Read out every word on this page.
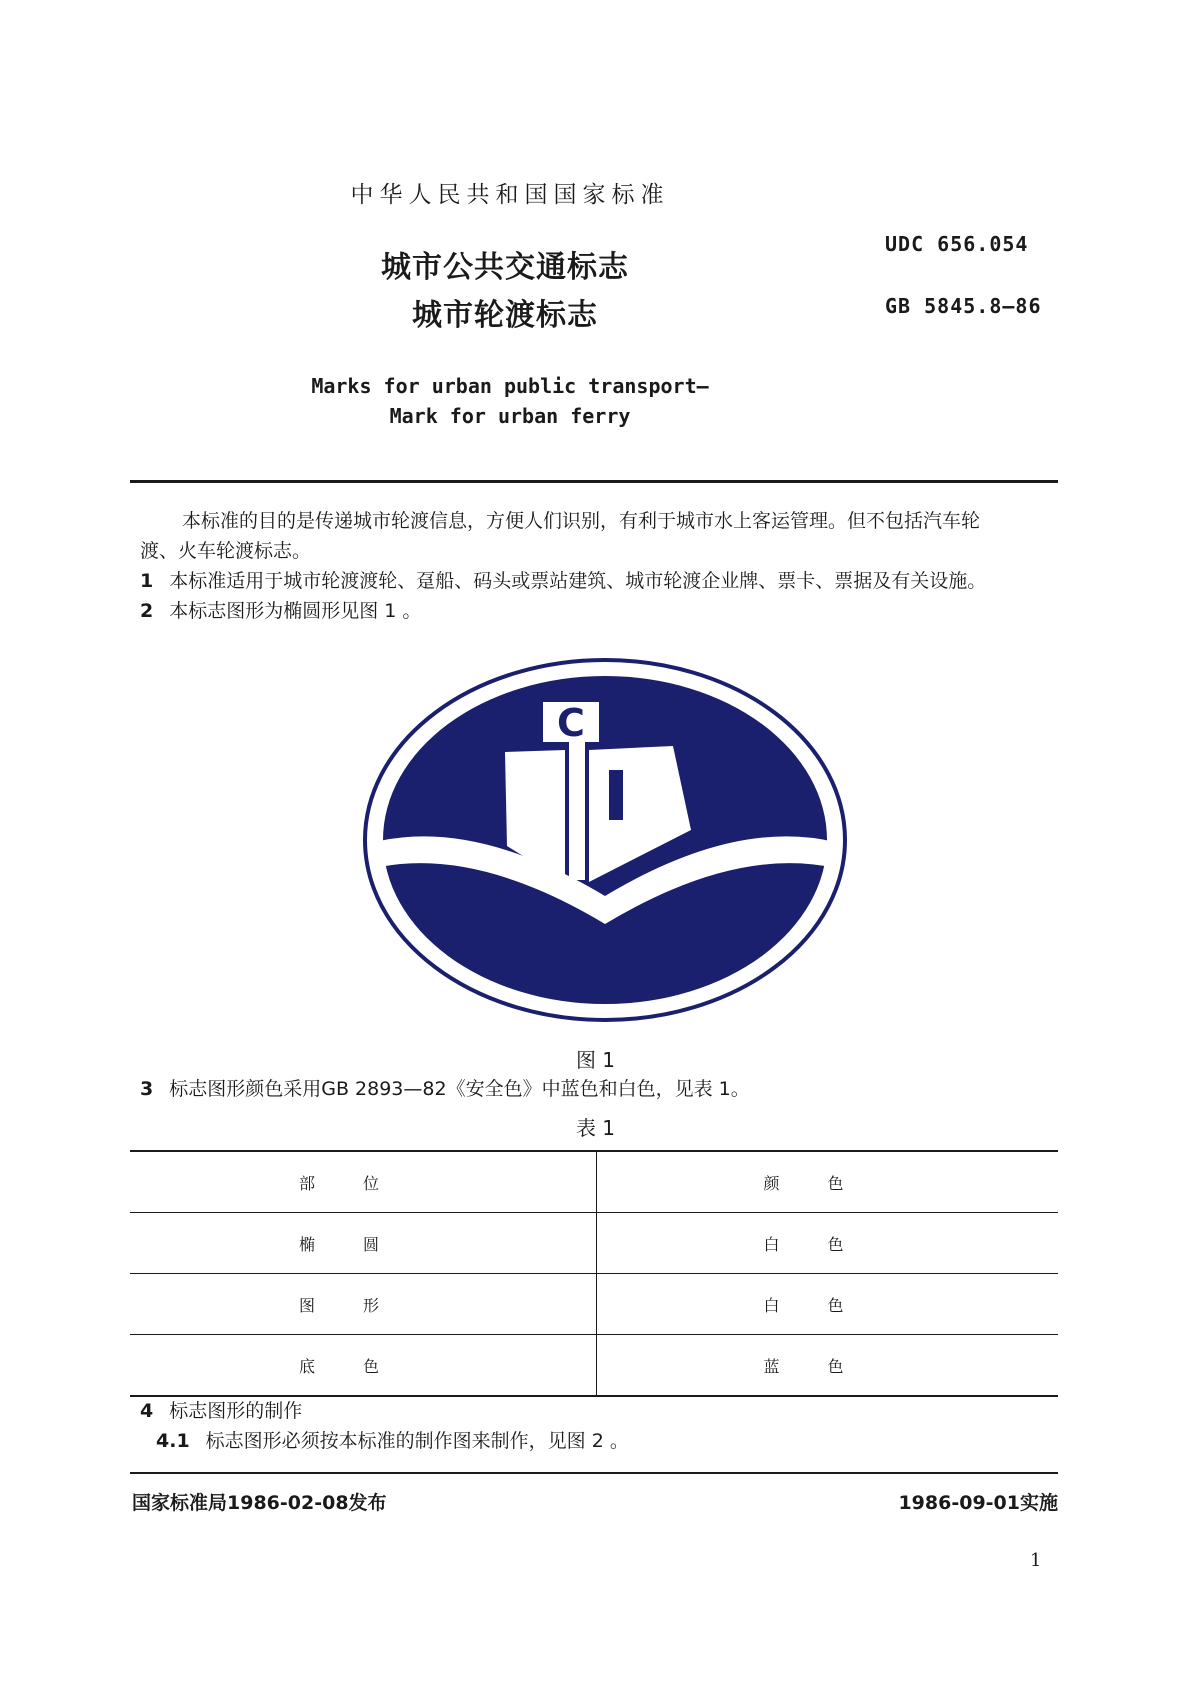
中华人民共和国国家标准
UDC 656.054
GB 5845.8—86
城市公共交通标志
城市轮渡标志
Marks for urban public transport—
Mark for urban ferry
本标准的目的是传递城市轮渡信息，方便人们识别，有利于城市水上客运管理。但不包括汽车轮
渡、火车轮渡标志。
1 本标准适用于城市轮渡渡轮、趸船、码头或票站建筑、城市轮渡企业牌、票卡、票据及有关设施。
2 本标志图形为椭圆形见图 1 。
C
图 1
3 标志图形颜色采用GB 2893—82《安全色》中蓝色和白色，见表 1。
表 1
部位	颜色
椭圆	白色
图形	白色
底色	蓝色
4 标志图形的制作
4.1 标志图形必须按本标准的制作图来制作，见图 2 。
国家标准局1986-02-08发布	1986-09-01实施
1
